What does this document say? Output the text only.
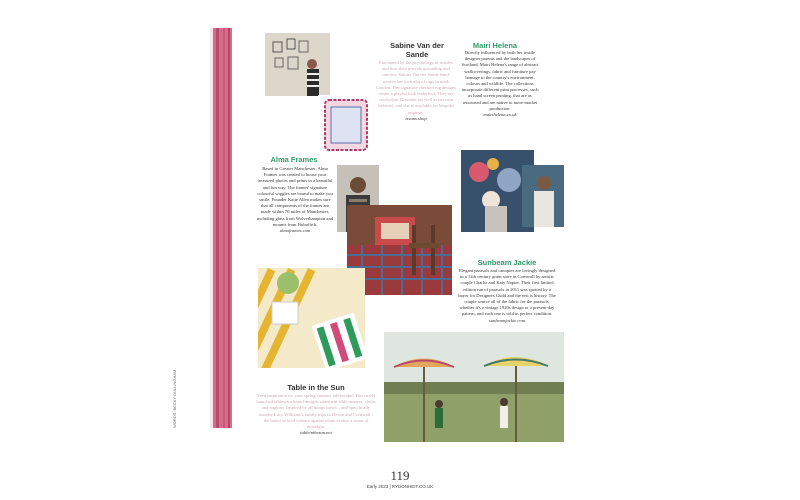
Alma Frames
Based in Greater Manchester, Alma Frames was created to house your treasured photos and prints in a beautiful and fun way. The frames' signature colourful wiggles are bound to make you smile. Founder Katie Allen makes sure that all components of the frames are made within 70 miles of Manchester, including glass from Wolverhampton and mounts from Holmfirth.
almaframes.com
Sabine Van der Sande
Fascinated by the psychology of textiles and how they provide grounding and comfort, Sabine Van der Sande hand-weaves her own edit of rugs in north London. Her signature checked rug designs create a playful look underfoot. They are stocked on Glassette (as well as her own website), and she is available for bespoke requests.
isvans.shop
Mairi Helena
Directly influenced by both her textile designer parents and the landscapes of Scotland, Mairi Helena's range of abstract wallcoverings, fabric and furniture pay homage to the country's environment, colours and wildlife. The collections incorporate different print processes, such as hand screen printing, that are as renowned and are native to more-market production.
mairihelena.co.uk
Sunbeam Jackie
Elegant parasols and canopies are lovingly designed in a 12th century grain store in Cornwall by artistic couple Charlie and Katy Napier. Their first limited edition run of parasols in 2011 was spotted by a buyer for Designers Guild and the rest is history. The couple source all of the fabric for the parasols, whether it's a vintage 1920s design or a present-day pattern, and each one is sold in perfect condition.
sunbeamjackie.com
Table in the Sun
Need inspiration for your spring/summer tablescape? This newly launched tableware brand designs statement table runners, cloths and napkins. Inspired by all things travel – and specifically founder Lucy Williams's family trips to Devon and Cornwall – the brand of bold colours against white evokes a sense of nostalgia.
tableinthesun.net
WORDS: BECKY DULLINGHAM
119
Early 2023 | RYDONHEIT.CO.UK
